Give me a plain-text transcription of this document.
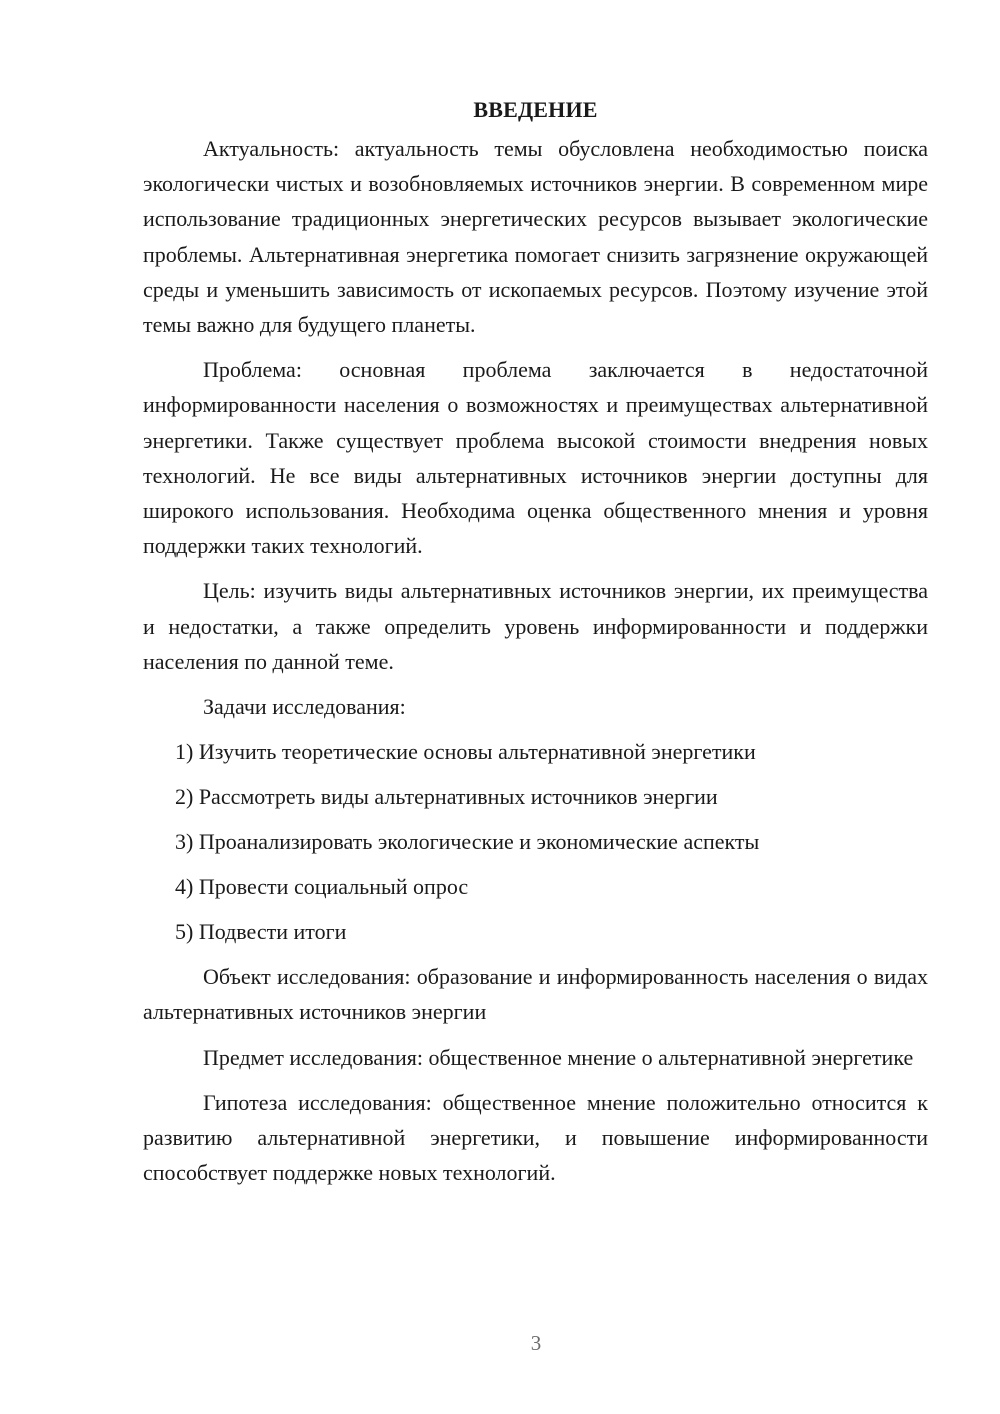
ВВЕДЕНИЕ

Актуальность: актуальность темы обусловлена необходимостью поиска экологически чистых и возобновляемых источников энергии. В современном мире использование традиционных энергетических ресурсов вызывает экологические проблемы. Альтернативная энергетика помогает снизить загрязнение окружающей среды и уменьшить зависимость от ископаемых ресурсов. Поэтому изучение этой темы важно для будущего планеты.

Проблема: основная проблема заключается в недостаточной информированности населения о возможностях и преимуществах альтернативной энергетики. Также существует проблема высокой стоимости внедрения новых технологий. Не все виды альтернативных источников энергии доступны для широкого использования. Необходима оценка общественного мнения и уровня поддержки таких технологий.

Цель: изучить виды альтернативных источников энергии, их преимущества и недостатки, а также определить уровень информированности и поддержки населения по данной теме.

Задачи исследования:

1) Изучить теоретические основы альтернативной энергетики
2) Рассмотреть виды альтернативных источников энергии
3) Проанализировать экологические и экономические аспекты
4) Провести социальный опрос
5) Подвести итоги

Объект исследования: образование и информированность населения о видах альтернативных источников энергии

Предмет исследования: общественное мнение о альтернативной энергетике

Гипотеза исследования: общественное мнение положительно относится к развитию альтернативной энергетики, и повышение информированности способствует поддержке новых технологий.

3
